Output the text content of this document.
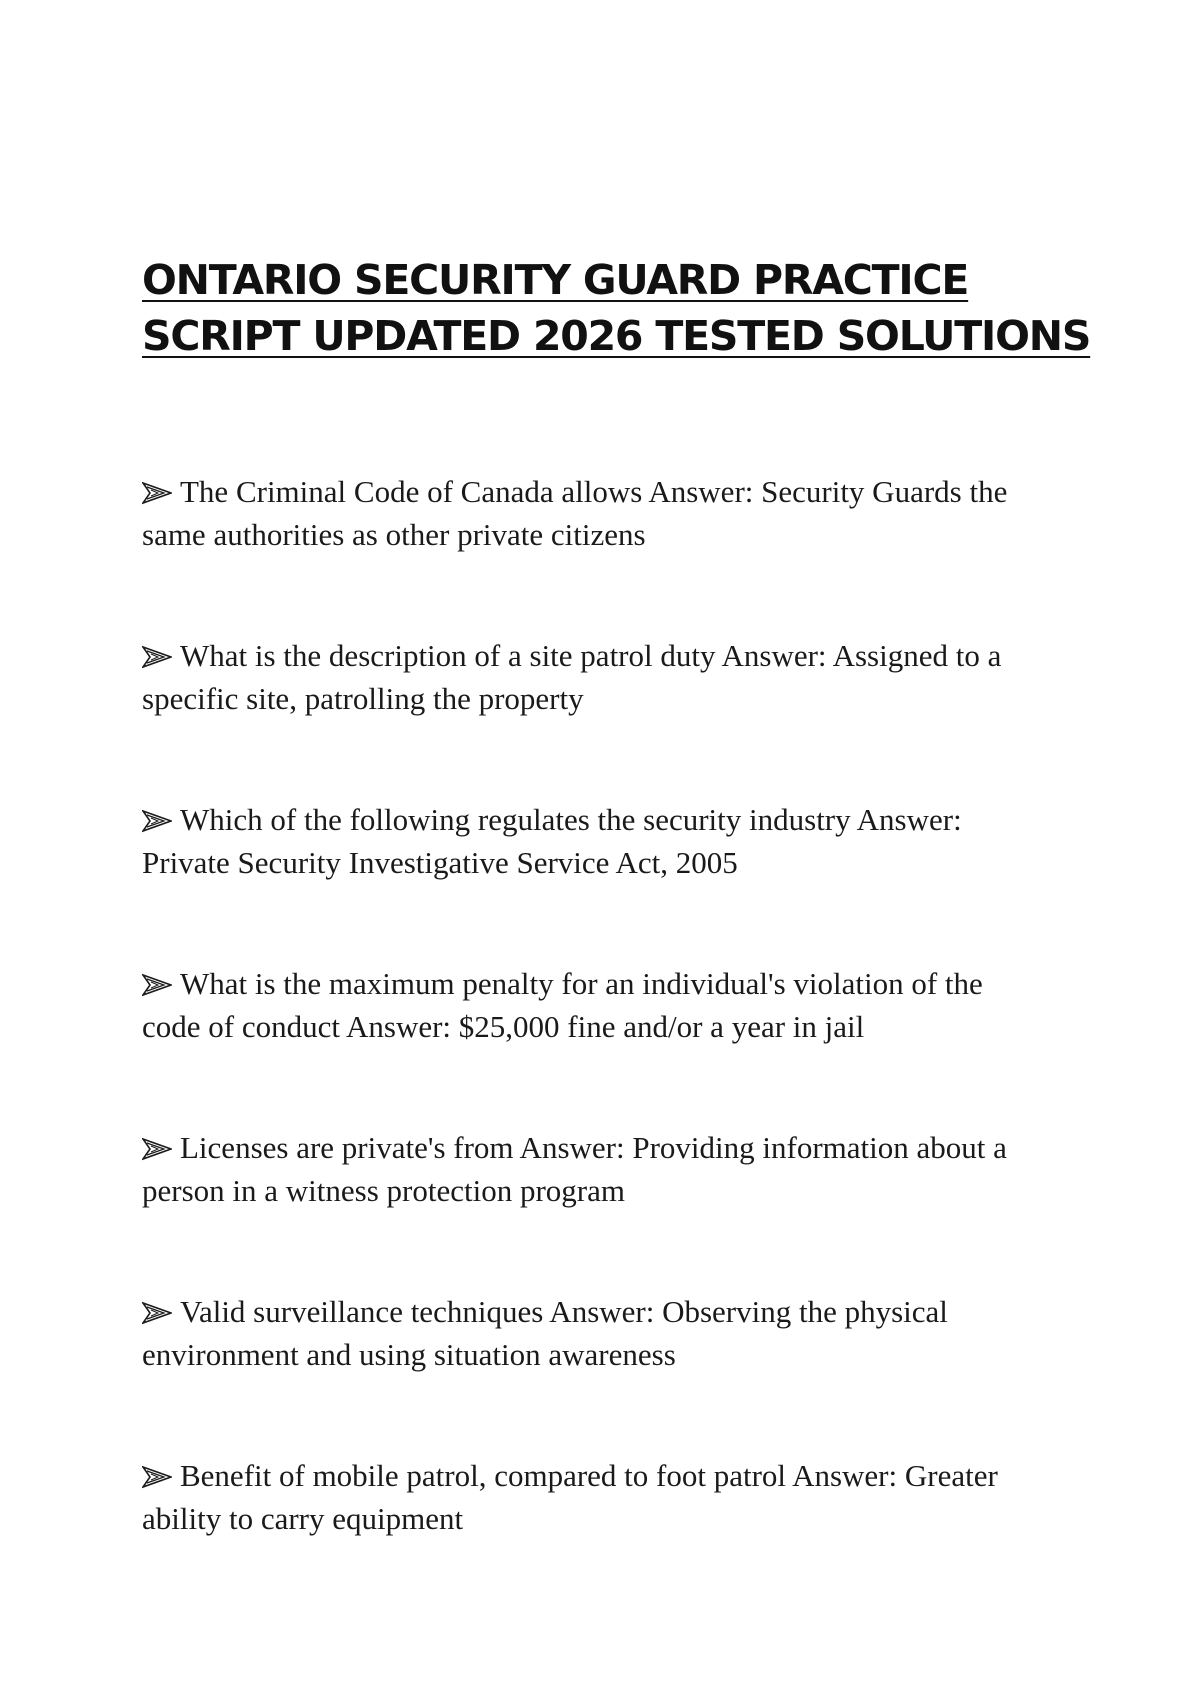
ONTARIO SECURITY GUARD PRACTICE
SCRIPT UPDATED 2026 TESTED SOLUTIONS
The Criminal Code of Canada allows Answer: Security Guards the same authorities as other private citizens
What is the description of a site patrol duty Answer: Assigned to a specific site, patrolling the property
Which of the following regulates the security industry Answer: Private Security Investigative Service Act, 2005
What is the maximum penalty for an individual's violation of the code of conduct Answer: $25,000 fine and/or a year in jail
Licenses are private's from Answer: Providing information about a person in a witness protection program
Valid surveillance techniques Answer: Observing the physical environment and using situation awareness
Benefit of mobile patrol, compared to foot patrol Answer: Greater ability to carry equipment
